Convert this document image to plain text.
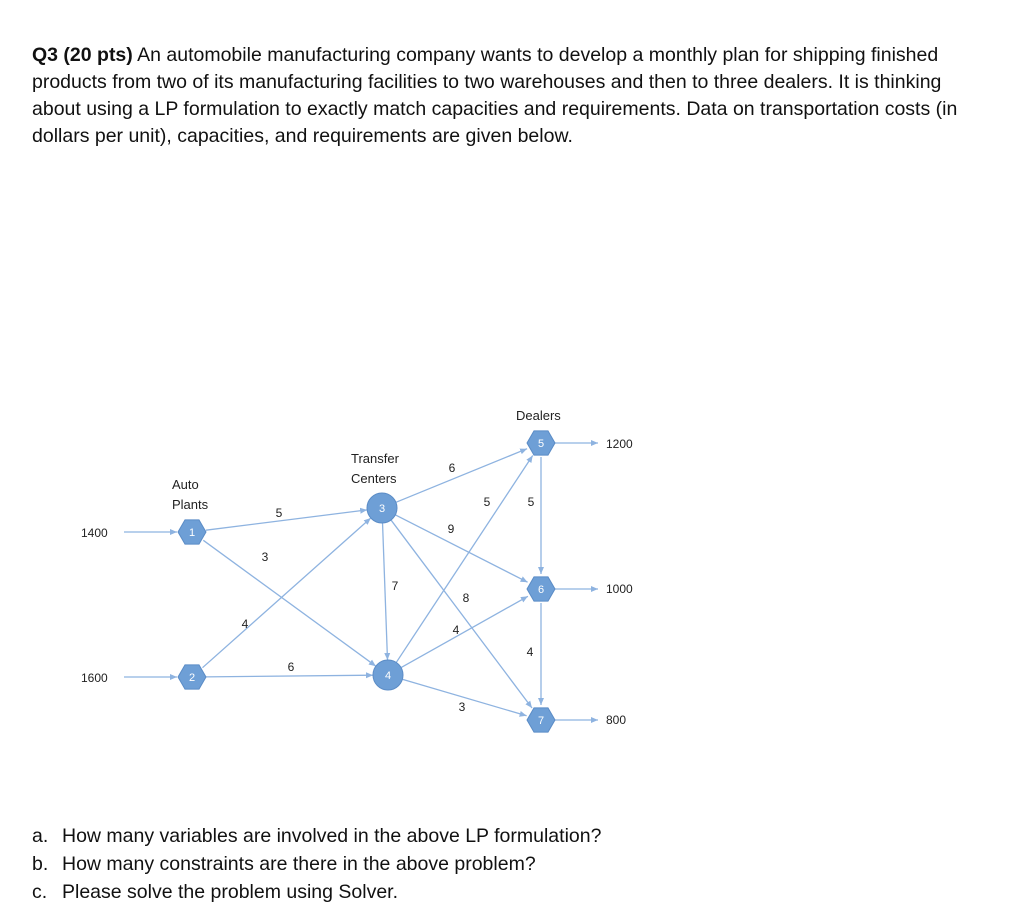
Q3 (20 pts) An automobile manufacturing company wants to develop a monthly plan for shipping finished products from two of its manufacturing facilities to two warehouses and then to three dealers. It is thinking about using a LP formulation to exactly match capacities and requirements. Data on transportation costs (in dollars per unit), capacities, and requirements are given below.
5
3
4
6
6
9
8
7
5
4
3
5
4
1400
1600
1200
1000
800
1
2
3
4
5
6
7
Auto
Plants
Transfer
Centers
Dealers
a. How many variables are involved in the above LP formulation?
b. How many constraints are there in the above problem?
c. Please solve the problem using Solver.
